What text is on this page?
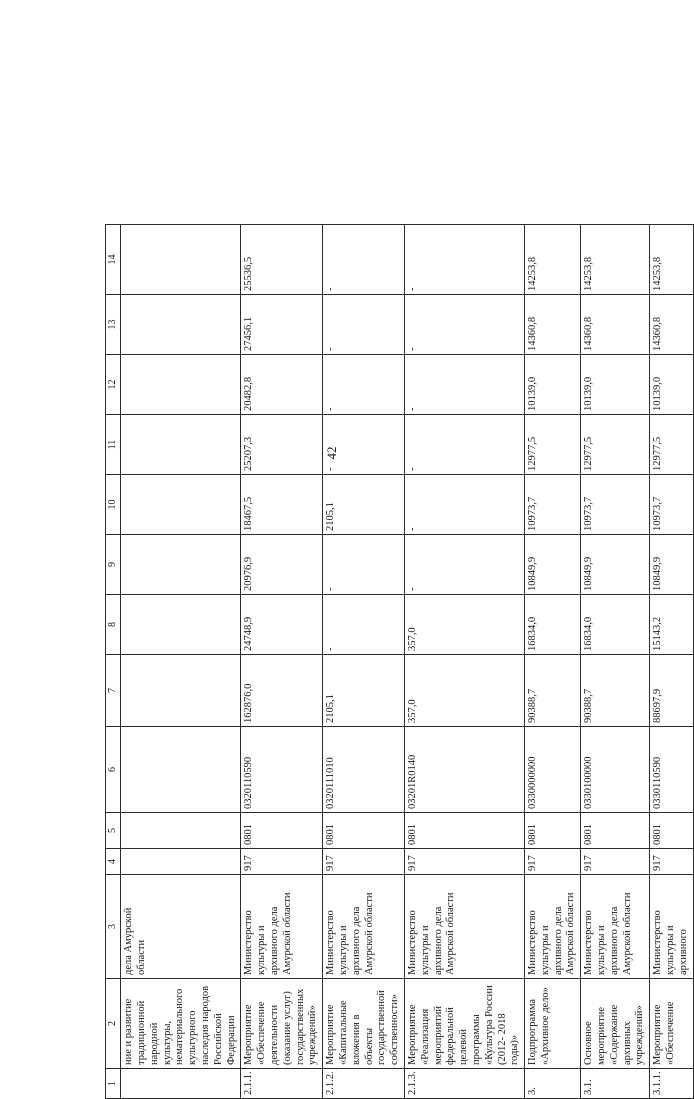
42
1	2	3	4	5	6	7	8	9	10	11	12	13	14
	ние и развитие традиционной народной культуры, нематериального культурного наследия народов Российской Федерации	дела Амурской области											
2.1.1.	Мероприятие «Обеспечение деятельности (оказание услуг) государственных учреждений»	Министерство культуры и архивного дела Амурской области	917	0801	0320110590	162876,0	24748,9	20976,9	18467,5	25207,3	20482,8	27456,1	25536,5
2.1.2.	Мероприятие «Капитальные вложения в объекты государственной собственности»	Министерство культуры и архивного дела Амурской области	917	0801	0320111010	2105,1	-	-	2105,1	-	-	-	-
2.1.3.	Мероприятие «Реализация мероприятий федеральной целевой программы «Культура России (2012- 2018 годы)»	Министерство культуры и архивного дела Амурской области	917	0801	03201R0140	357,0	357,0	-	-	-	-	-	-
3.	Подпрограмма «Архивное дело»	Министерство культуры и архивного дела Амурской области	917	0801	0330000000	90388,7	16834,0	10849,9	10973,7	12977,5	10139,0	14360,8	14253,8
3.1.	Основное мероприятие «Содержание архивных учреждений»	Министерство культуры и архивного дела Амурской области	917	0801	0330100000	90388,7	16834,0	10849,9	10973,7	12977,5	10139,0	14360,8	14253,8
3.1.1.	Мероприятие «Обеспечение	Министерство культуры и архивного	917	0801	0330110590	88697,9	15143,2	10849,9	10973,7	12977,5	10139,0	14360,8	14253,8
